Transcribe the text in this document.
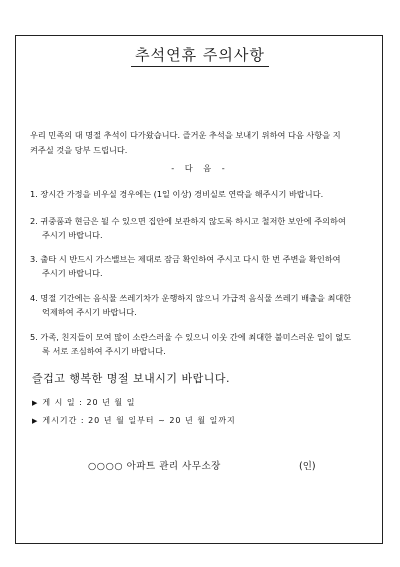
추석연휴 주의사항
우리 민족의 대 명절 추석이 다가왔습니다. 즐거운 추석을 보내기 위하여 다음 사항을 지
켜주실 것을 당부 드립니다.
- 다 음 -
1. 장시간 가정을 비우실 경우에는 (1일 이상) 경비실로 연락을 해주시기 바랍니다.
2. 귀중품과 현금은 될 수 있으면 집안에 보관하지 않도록 하시고 철저한 보안에 주의하여
주시기 바랍니다.
3. 출타 시 반드시 가스밸브는 제대로 잠금 확인하여 주시고 다시 한 번 주변을 확인하여
주시기 바랍니다.
4. 명절 기간에는 음식물 쓰레기차가 운행하지 않으니 가급적 음식물 쓰레기 배출을 최대한
억제하여 주시기 바랍니다.
5. 가족, 친지들이 모여 많이 소란스러울 수 있으니 이웃 간에 최대한 불미스러운 일이 없도
록 서로 조심하여 주시기 바랍니다.
즐겁고 행복한 명절 보내시기 바랍니다.
▶ 게 시 일 : 20 년 월 일
▶ 게시기간 : 20 년 월 일부터 ~ 20 년 월 일까지
○○○○ 아파트 관리 사무소장	(인)
